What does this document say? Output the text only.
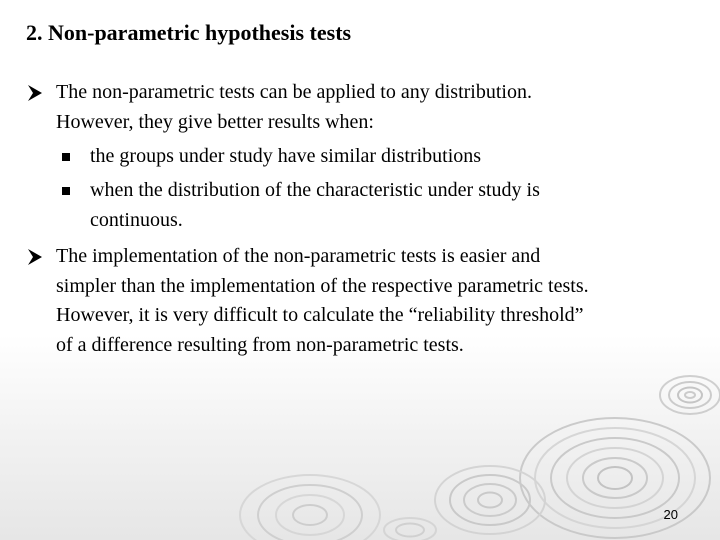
2. Non-parametric hypothesis tests
The non-parametric tests can be applied to any distribution.
However, they give better results when:
the groups under study have similar distributions
when the distribution of the characteristic under study is
continuous.
The implementation of the non-parametric tests is easier and
simpler than the implementation of the respective parametric tests.
However, it is very difficult to calculate the “reliability threshold”
of a difference resulting from non-parametric tests.
20
